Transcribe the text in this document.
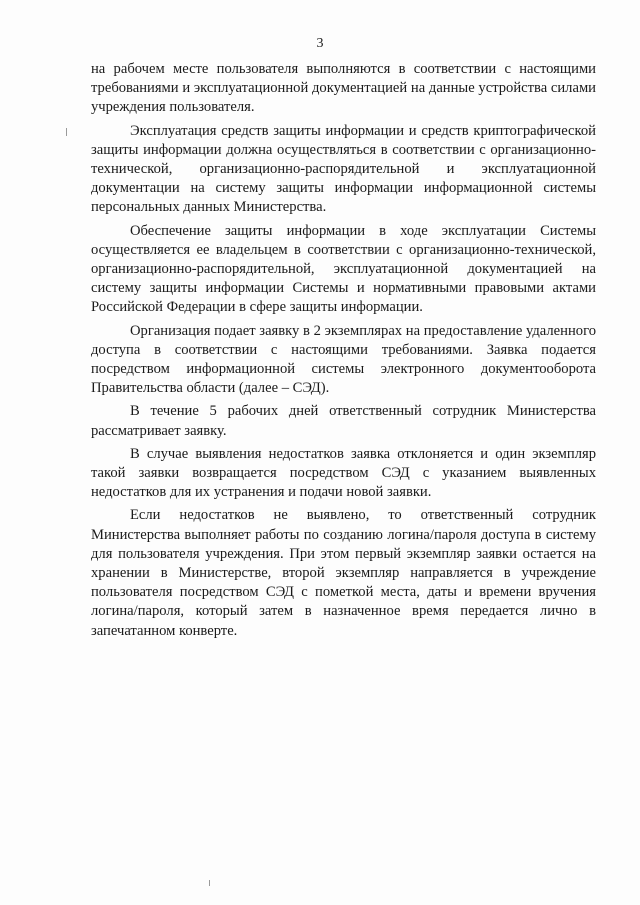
3

на рабочем месте пользователя выполняются в соответствии с настоящими требованиями и эксплуатационной документацией на данные устройства силами учреждения пользователя.

Эксплуатация средств защиты информации и средств криптографической защиты информации должна осуществляться в соответствии с организационно-технической, организационно-распорядительной и эксплуатационной документации на систему защиты информации информационной системы персональных данных Министерства.

Обеспечение защиты информации в ходе эксплуатации Системы осуществляется ее владельцем в соответствии с организационно-технической, организационно-распорядительной, эксплуатационной документацией на систему защиты информации Системы и нормативными правовыми актами Российской Федерации в сфере защиты информации.

Организация подает заявку в 2 экземплярах на предоставление удаленного доступа в соответствии с настоящими требованиями. Заявка подается посредством информационной системы электронного документооборота Правительства области (далее – СЭД).

В течение 5 рабочих дней ответственный сотрудник Министерства рассматривает заявку.

В случае выявления недостатков заявка отклоняется и один экземпляр такой заявки возвращается посредством СЭД с указанием выявленных недостатков для их устранения и подачи новой заявки.

Если недостатков не выявлено, то ответственный сотрудник Министерства выполняет работы по созданию логина/пароля доступа в систему для пользователя учреждения. При этом первый экземпляр заявки остается на хранении в Министерстве, второй экземпляр направляется в учреждение пользователя посредством СЭД с пометкой места, даты и времени вручения логина/пароля, который затем в назначенное время передается лично в запечатанном конверте.
